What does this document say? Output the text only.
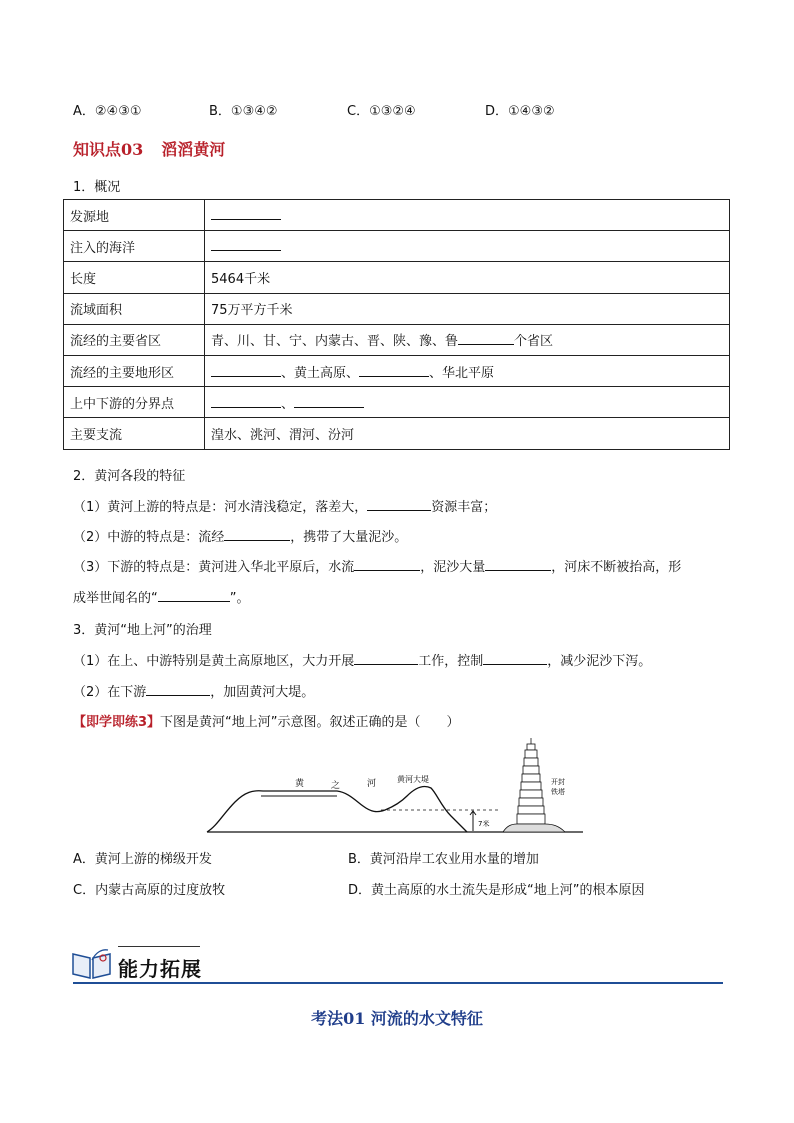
A．②④③①	B．①③④②	C．①③②④	D．①④③②
知识点03 滔滔黄河
1．概况
发源地	
注入的海洋	
长度	5464千米
流域面积	75万平方千米
流经的主要省区	青、川、甘、宁、内蒙古、晋、陕、豫、鲁 个省区
流经的主要地形区	、黄土高原、 、华北平原
上中下游的分界点	、
主要支流	湟水、洮河、渭河、汾河
2．黄河各段的特征
（1）黄河上游的特点是：河水清浅稳定，落差大，	资源丰富；
（2）中游的特点是：流经	，携带了大量泥沙。
（3）下游的特点是：黄河进入华北平原后，水流	，泥沙大量	，河床不断被抬高，形
成举世闻名的“	”。
3．黄河“地上河”的治理
（1）在上、中游特别是黄土高原地区，大力开展	工作，控制	，减少泥沙下泻。
（2）在下游	，加固黄河大堤。
【即学即练3】下图是黄河“地上河”示意图。叙述正确的是（　　）
7米
黄	之	河	黄河大堤	开封
铁塔
A．黄河上游的梯级开发	B．黄河沿岸工农业用水量的增加
C．内蒙古高原的过度放牧	D．黄土高原的水土流失是形成“地上河”的根本原因
能力拓展
考法01 河流的水文特征
